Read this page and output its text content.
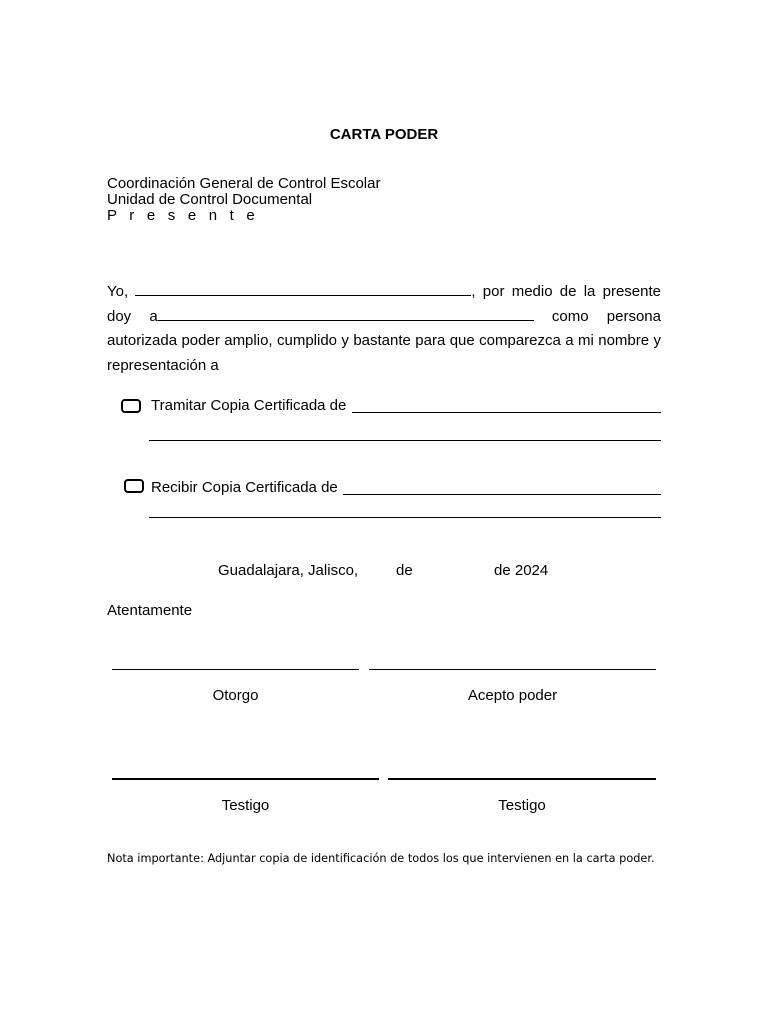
CARTA PODER
Coordinación General de Control Escolar
Unidad de Control Documental
P r e s e n t e
Yo,	, por medio de la presente
doy a	como persona
autorizada poder amplio, cumplido y bastante para que comparezca a mi nombre y
representación a
Tramitar Copia Certificada de
Recibir Copia Certificada de
Guadalajara, Jalisco,	de	de 2024
Atentamente
Otorgo	Acepto poder
Testigo	Testigo
Nota importante: Adjuntar copia de identificación de todos los que intervienen en la carta poder.
